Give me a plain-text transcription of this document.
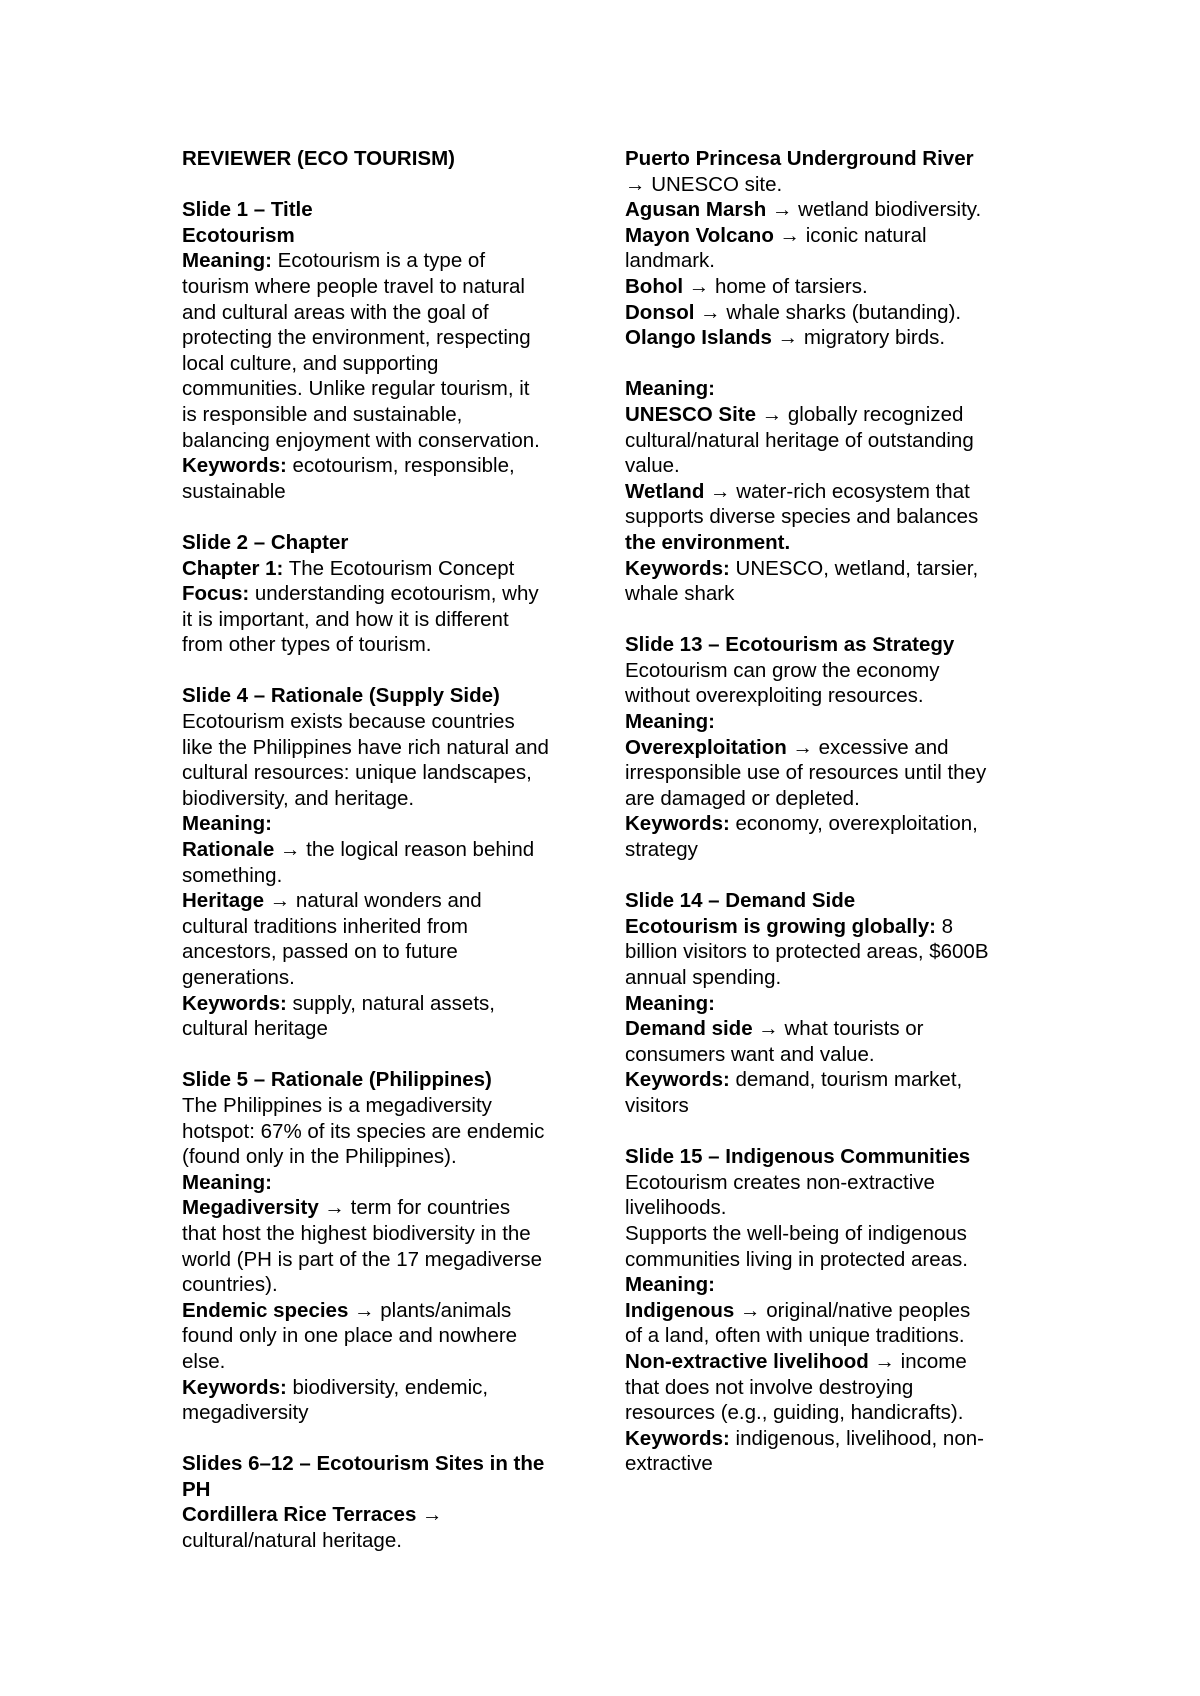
REVIEWER (ECO TOURISM)
Slide 1 – Title
Ecotourism
Meaning: Ecotourism is a type of
tourism where people travel to natural
and cultural areas with the goal of
protecting the environment, respecting
local culture, and supporting
communities. Unlike regular tourism, it
is responsible and sustainable,
balancing enjoyment with conservation.
Keywords: ecotourism, responsible,
sustainable
Slide 2 – Chapter
Chapter 1: The Ecotourism Concept
Focus: understanding ecotourism, why
it is important, and how it is different
from other types of tourism.
Slide 4 – Rationale (Supply Side)
Ecotourism exists because countries
like the Philippines have rich natural and
cultural resources: unique landscapes,
biodiversity, and heritage.
Meaning:
Rationale → the logical reason behind
something.
Heritage → natural wonders and
cultural traditions inherited from
ancestors, passed on to future
generations.
Keywords: supply, natural assets,
cultural heritage
Slide 5 – Rationale (Philippines)
The Philippines is a megadiversity
hotspot: 67% of its species are endemic
(found only in the Philippines).
Meaning:
Megadiversity → term for countries
that host the highest biodiversity in the
world (PH is part of the 17 megadiverse
countries).
Endemic species → plants/animals
found only in one place and nowhere
else.
Keywords: biodiversity, endemic,
megadiversity
Slides 6–12 – Ecotourism Sites in the
PH
Cordillera Rice Terraces →
cultural/natural heritage.
Puerto Princesa Underground River
→ UNESCO site.
Agusan Marsh → wetland biodiversity.
Mayon Volcano → iconic natural
landmark.
Bohol → home of tarsiers.
Donsol → whale sharks (butanding).
Olango Islands → migratory birds.
Meaning:
UNESCO Site → globally recognized
cultural/natural heritage of outstanding
value.
Wetland → water-rich ecosystem that
supports diverse species and balances
the environment.
Keywords: UNESCO, wetland, tarsier,
whale shark
Slide 13 – Ecotourism as Strategy
Ecotourism can grow the economy
without overexploiting resources.
Meaning:
Overexploitation → excessive and
irresponsible use of resources until they
are damaged or depleted.
Keywords: economy, overexploitation,
strategy
Slide 14 – Demand Side
Ecotourism is growing globally: 8
billion visitors to protected areas, $600B
annual spending.
Meaning:
Demand side → what tourists or
consumers want and value.
Keywords: demand, tourism market,
visitors
Slide 15 – Indigenous Communities
Ecotourism creates non-extractive
livelihoods.
Supports the well-being of indigenous
communities living in protected areas.
Meaning:
Indigenous → original/native peoples
of a land, often with unique traditions.
Non-extractive livelihood → income
that does not involve destroying
resources (e.g., guiding, handicrafts).
Keywords: indigenous, livelihood, non-
extractive
